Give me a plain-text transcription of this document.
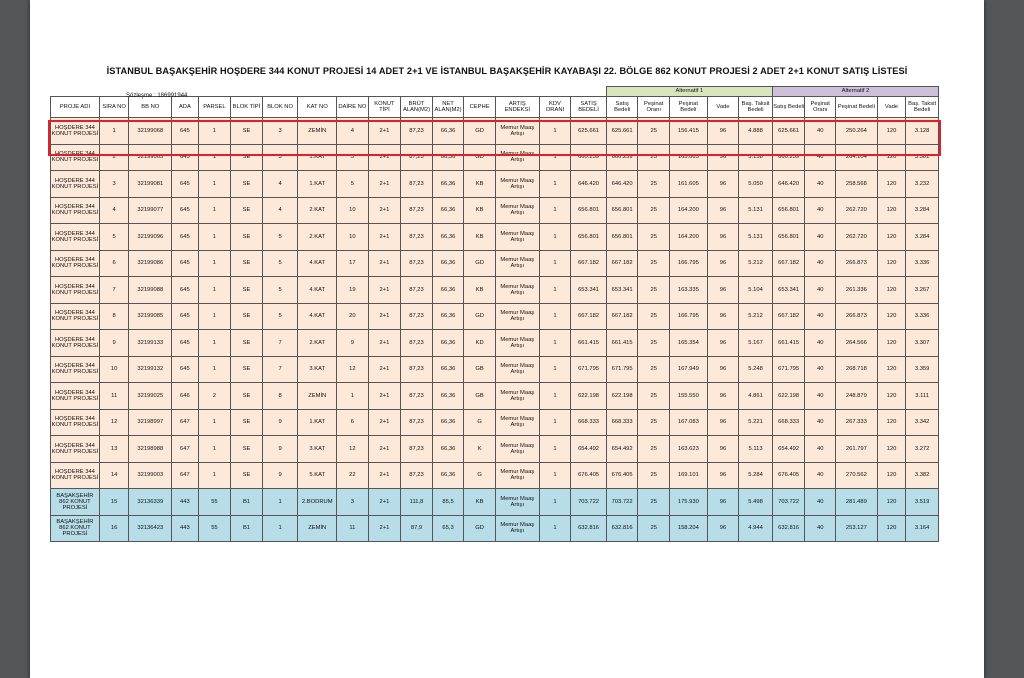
İSTANBUL BAŞAKŞEHİR HOŞDERE 344 KONUT PROJESİ 14 ADET 2+1 VE İSTANBUL BAŞAKŞEHİR KAYABAŞI 22. BÖLGE 862 KONUT PROJESİ 2 ADET 2+1 KONUT SATIŞ LİSTESİ
																Alternatif 1					Alternatif 2				
PROJE ADI	SIRA NO	BB NO	ADA	PARSEL	BLOK TİPİ	BLOK NO	KAT NO	DAİRE NO	KONUT TİPİ	BRÜT ALAN(M2)	NET ALAN(M2)	CEPHE	ARTIŞ ENDEKSİ	KDV ORANI	SATIŞ BEDELİ	Satış Bedeli	Peşinat Oranı	Peşinat Bedeli	Vade	Baş. Taksit Bedeli	Satış Bedeli	Peşinat Oranı	Peşinat Bedeli	Vade	Baş. Taksit Bedeli
HOŞDERE 344 KONUT PROJESİ	1	32199068	645	1	SE	3	ZEMİN	4	2+1	87,23	66,36	GD	Memur Maaş Artışı	1	625.661	625.661	25	156.415	96	4.888	625.661	40	250.264	120	3.128
HOŞDERE 344 KONUT PROJESİ	2	32199065	645	1	SE	3	1.KAT	5	2+1	87,23	66,36	GD	Memur Maaş Artışı	1	660.259	660.259	25	165.065	96	5.158	660.259	40	264.104	120	3.301
HOŞDERE 344 KONUT PROJESİ	3	32199081	645	1	SE	4	1.KAT	5	2+1	87,23	66,36	KB	Memur Maaş Artışı	1	646.420	646.420	25	161.605	96	5.050	646.420	40	258.568	120	3.232
HOŞDERE 344 KONUT PROJESİ	4	32199077	645	1	SE	4	2.KAT	10	2+1	87,23	66,36	KB	Memur Maaş Artışı	1	656.801	656.801	25	164.200	96	5.131	656.801	40	262.720	120	3.284
HOŞDERE 344 KONUT PROJESİ	5	32199096	645	1	SE	5	2.KAT	10	2+1	87,23	66,36	KB	Memur Maaş Artışı	1	656.801	656.801	25	164.200	96	5.131	656.801	40	262.720	120	3.284
HOŞDERE 344 KONUT PROJESİ	6	32199086	645	1	SE	5	4.KAT	17	2+1	87,23	66,36	GD	Memur Maaş Artışı	1	667.182	667.182	25	166.795	96	5.212	667.182	40	266.873	120	3.336
HOŞDERE 344 KONUT PROJESİ	7	32199088	645	1	SE	5	4.KAT	19	2+1	87,23	66,36	KB	Memur Maaş Artışı	1	653.341	653.341	25	163.335	96	5.104	653.341	40	261.336	120	3.267
HOŞDERE 344 KONUT PROJESİ	8	32199085	645	1	SE	5	4.KAT	20	2+1	87,23	66,36	GD	Memur Maaş Artışı	1	667.182	667.182	25	166.795	96	5.212	667.182	40	266.873	120	3.336
HOŞDERE 344 KONUT PROJESİ	9	32199133	645	1	SE	7	2.KAT	9	2+1	87,23	66,36	KD	Memur Maaş Artışı	1	661.415	661.415	25	165.354	96	5.167	661.415	40	264.566	120	3.307
HOŞDERE 344 KONUT PROJESİ	10	32199132	645	1	SE	7	3.KAT	12	2+1	87,23	66,36	GB	Memur Maaş Artışı	1	671.795	671.795	25	167.949	96	5.248	671.795	40	268.718	120	3.359
HOŞDERE 344 KONUT PROJESİ	11	32199025	646	2	SE	8	ZEMİN	1	2+1	87,23	66,36	GB	Memur Maaş Artışı	1	622.198	622.198	25	155.550	96	4.861	622.198	40	248.879	120	3.111
HOŞDERE 344 KONUT PROJESİ	12	32198997	647	1	SE	9	1.KAT	6	2+1	87,23	66,36	G	Memur Maaş Artışı	1	668.333	668.333	25	167.083	96	5.221	668.333	40	267.333	120	3.342
HOŞDERE 344 KONUT PROJESİ	13	32198988	647	1	SE	9	3.KAT	12	2+1	87,23	66,36	K	Memur Maaş Artışı	1	654.492	654.492	25	163.623	96	5.113	654.492	40	261.797	120	3.272
HOŞDERE 344 KONUT PROJESİ	14	32199003	647	1	SE	9	5.KAT	22	2+1	87,23	66,36	G	Memur Maaş Artışı	1	676.405	676.405	25	169.101	96	5.284	676.405	40	270.562	120	3.382
BAŞAKŞEHİR 862 KONUT PROJESİ	15	32136339	443	55	B1	1	2.BODRUM	3	2+1	111,8	85,5	KB	Memur Maaş Artışı	1	703.722	703.722	25	175.930	96	5.498	703.722	40	281.489	120	3.519
BAŞAKŞEHİR 862 KONUT PROJESİ	16	32136423	443	55	B1	1	ZEMİN	11	2+1	87,9	65,3	GD	Memur Maaş Artışı	1	632.816	632.816	25	158.204	96	4.944	632.816	40	253.127	120	3.164
Sözleşme : 186991944
